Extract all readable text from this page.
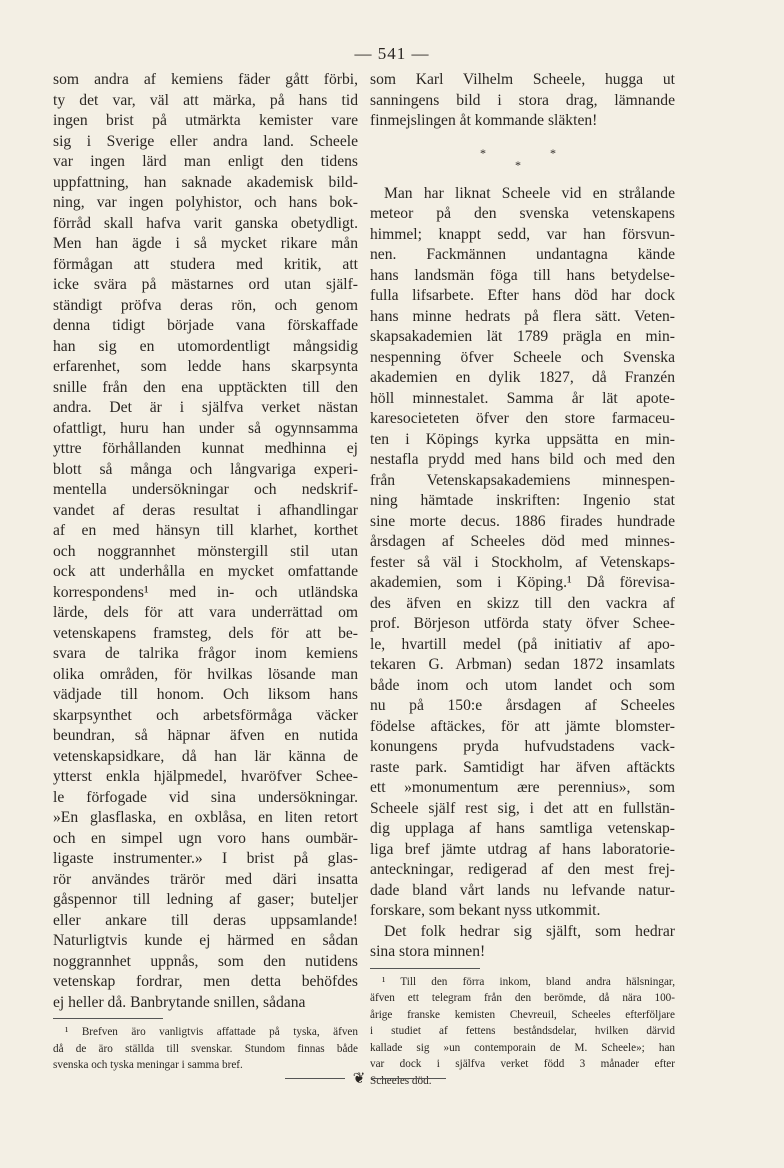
— 541 —
som andra af kemiens fäder gått förbi,
ty det var, väl att märka, på hans tid
ingen brist på utmärkta kemister vare
sig i Sverige eller andra land. Scheele
var ingen lärd man enligt den tidens
uppfattning, han saknade akademisk bild-
ning, var ingen polyhistor, och hans bok-
förråd skall hafva varit ganska obetydligt.
Men han ägde i så mycket rikare mån
förmågan att studera med kritik, att
icke svära på mästarnes ord utan själf-
ständigt pröfva deras rön, och genom
denna tidigt började vana förskaffade
han sig en utomordentligt mångsidig
erfarenhet, som ledde hans skarpsynta
snille från den ena upptäckten till den
andra. Det är i själfva verket nästan
ofattligt, huru han under så ogynnsamma
yttre förhållanden kunnat medhinna ej
blott så många och långvariga experi-
mentella undersökningar och nedskrif-
vandet af deras resultat i afhandlingar
af en med hänsyn till klarhet, korthet
och noggrannhet mönstergill stil utan
ock att underhålla en mycket omfattande
korrespondens¹ med in- och utländska
lärde, dels för att vara underrättad om
vetenskapens framsteg, dels för att be-
svara de talrika frågor inom kemiens
olika områden, för hvilkas lösande man
vädjade till honom. Och liksom hans
skarpsynthet och arbetsförmåga väcker
beundran, så häpnar äfven en nutida
vetenskapsidkare, då han lär känna de
ytterst enkla hjälpmedel, hvaröfver Schee-
le förfogade vid sina undersökningar.
»En glasflaska, en oxblåsa, en liten retort
och en simpel ugn voro hans oumbär-
ligaste instrumenter.» I brist på glas-
rör användes trärör med däri insatta
gåspennor till ledning af gaser; buteljer
eller ankare till deras uppsamlande!
Naturligtvis kunde ej härmed en sådan
noggrannhet uppnås, som den nutidens
vetenskap fordrar, men detta behöfdes
ej heller då. Banbrytande snillen, sådana
¹ Brefven äro vanligtvis affattade på tyska, äfven
då de äro ställda till svenskar. Stundom finnas både
svenska och tyska meningar i samma bref.
som Karl Vilhelm Scheele, hugga ut
sanningens bild i stora drag, lämnande
finmejslingen åt kommande släkten!
*
*
*
Man har liknat Scheele vid en strålande
meteor på den svenska vetenskapens
himmel; knappt sedd, var han försvun-
nen. Fackmännen undantagna kände
hans landsmän föga till hans betydelse-
fulla lifsarbete. Efter hans död har dock
hans minne hedrats på flera sätt. Veten-
skapsakademien lät 1789 prägla en min-
nespenning öfver Scheele och Svenska
akademien en dylik 1827, då Franzén
höll minnestalet. Samma år lät apote-
karesocieteten öfver den store farmaceu-
ten i Köpings kyrka uppsätta en min-
nestafla prydd med hans bild och med den
från Vetenskapsakademiens minnespen-
ning hämtade inskriften: Ingenio stat
sine morte decus. 1886 firades hundrade
årsdagen af Scheeles död med minnes-
fester så väl i Stockholm, af Vetenskaps-
akademien, som i Köping.¹ Då förevisa-
des äfven en skizz till den vackra af
prof. Börjeson utförda staty öfver Schee-
le, hvartill medel (på initiativ af apo-
tekaren G. Arbman) sedan 1872 insamlats
både inom och utom landet och som
nu på 150:e årsdagen af Scheeles
födelse aftäckes, för att jämte blomster-
konungens pryda hufvudstadens vack-
raste park. Samtidigt har äfven aftäckts
ett »monumentum ære perennius», som
Scheele själf rest sig, i det att en fullstän-
dig upplaga af hans samtliga vetenskap-
liga bref jämte utdrag af hans laboratorie-
anteckningar, redigerad af den mest frej-
dade bland vårt lands nu lefvande natur-
forskare, som bekant nyss utkommit.
Det folk hedrar sig själft, som hedrar
sina stora minnen!
¹ Till den förra inkom, bland andra hälsningar,
äfven ett telegram från den berömde, då nära 100-
årige franske kemisten Chevreuil, Scheeles efterföljare
i studiet af fettens beståndsdelar, hvilken därvid
kallade sig »un contemporain de M. Scheele»; han
var dock i själfva verket född 3 månader efter
Scheeles död.
❦
